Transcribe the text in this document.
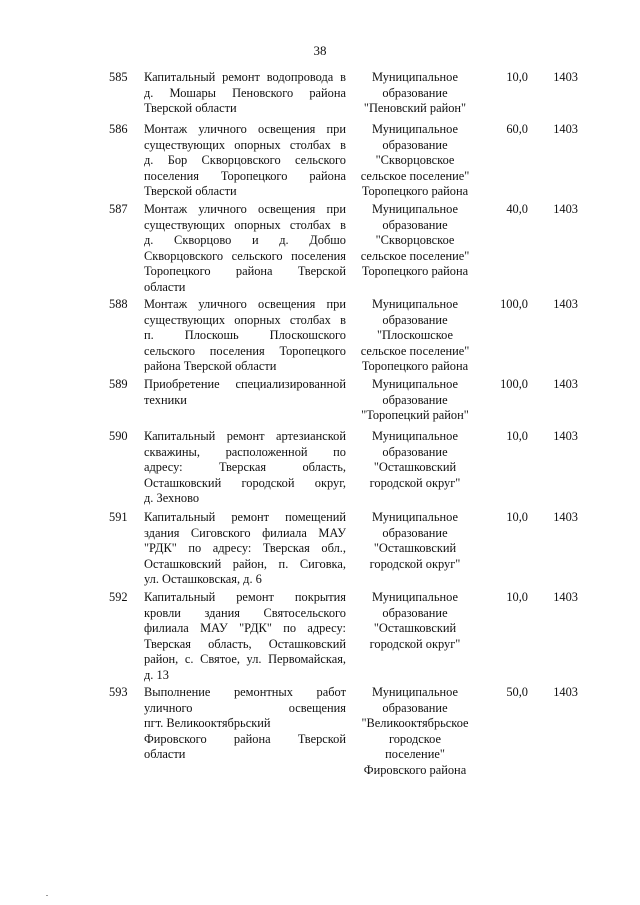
38
585	Капитальный ремонт водопровода в
д. Мошары Пеновского района
Тверской области
Муниципальное
образование
"Пеновский район"
10,0	1403
586	Монтаж уличного освещения при
существующих опорных столбах в
д. Бор Скворцовского сельского
поселения Торопецкого района
Тверской области
Муниципальное
образование
"Скворцовское
сельское поселение"
Торопецкого района
60,0	1403
587	Монтаж уличного освещения при
существующих опорных столбах в
д. Скворцово и д. Добшо
Скворцовского сельского поселения
Торопецкого района Тверской
области
Муниципальное
образование
"Скворцовское
сельское поселение"
Торопецкого района
40,0	1403
588	Монтаж уличного освещения при
существующих опорных столбах в
п. Плоскошь Плоскошского
сельского поселения Торопецкого
района Тверской области
Муниципальное
образование
"Плоскошское
сельское поселение"
Торопецкого района
100,0	1403
589	Приобретение специализированной
техники
Муниципальное
образование
"Торопецкий район"
100,0	1403
590	Капитальный ремонт артезианской
скважины, расположенной по
адресу: Тверская область,
Осташковский городской округ,
д. Зехново
Муниципальное
образование
"Осташковский
городской округ"
10,0	1403
591	Капитальный ремонт помещений
здания Сиговского филиала МАУ
"РДК" по адресу: Тверская обл.,
Осташковский район, п. Сиговка,
ул. Осташковская, д. 6
Муниципальное
образование
"Осташковский
городской округ"
10,0	1403
592	Капитальный ремонт покрытия
кровли здания Святосельского
филиала МАУ "РДК" по адресу:
Тверская область, Осташковский
район, с. Святое, ул. Первомайская,
д. 13
Муниципальное
образование
"Осташковский
городской округ"
10,0	1403
593	Выполнение ремонтных работ
уличного освещения
пгт. Великооктябрьский
Фировского района Тверской
области
Муниципальное
образование
"Великооктябрьское
городское
поселение"
Фировского района
50,0	1403
